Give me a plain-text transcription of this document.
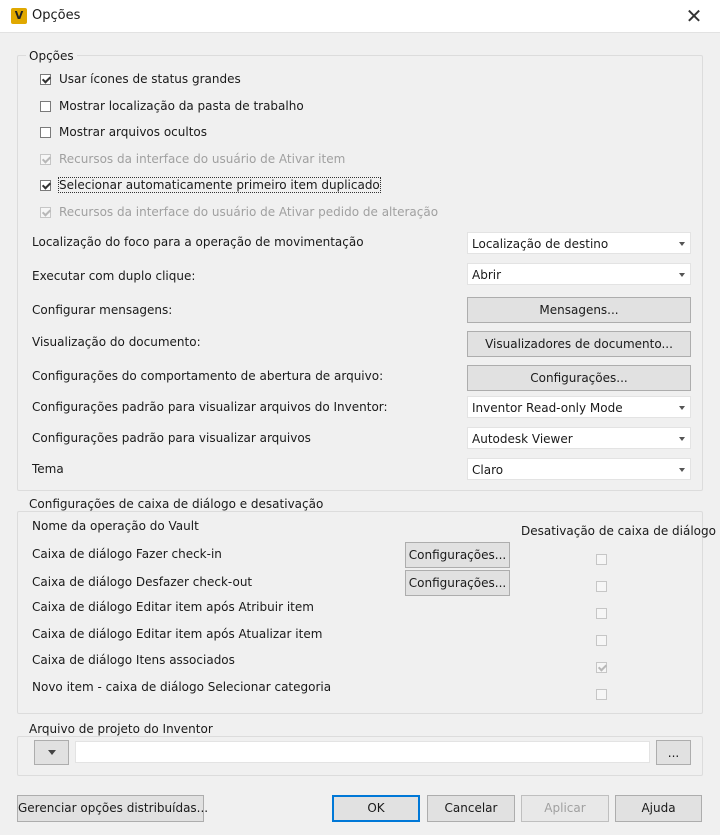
V Opções	✕
Opções
Usar ícones de status grandes
Mostrar localização da pasta de trabalho
Mostrar arquivos ocultos
Recursos da interface do usuário de Ativar item
Selecionar automaticamente primeiro item duplicado
Recursos da interface do usuário de Ativar pedido de alteração
Localização do foco para a operação de movimentação	Localização de destino
Executar com duplo clique:	Abrir
Configurar mensagens:	Mensagens...
Visualização do documento:	Visualizadores de documento...
Configurações do comportamento de abertura de arquivo:	Configurações...
Configurações padrão para visualizar arquivos do Inventor:	Inventor Read-only Mode
Configurações padrão para visualizar arquivos	Autodesk Viewer
Tema	Claro
Configurações de caixa de diálogo e desativação
Nome da operação do Vault	Desativação de caixa de diálogo
Caixa de diálogo Fazer check-in	Configurações...
Caixa de diálogo Desfazer check-out	Configurações...
Caixa de diálogo Editar item após Atribuir item
Caixa de diálogo Editar item após Atualizar item
Caixa de diálogo Itens associados
Novo item - caixa de diálogo Selecionar categoria
Arquivo de projeto do Inventor
...
Gerenciar opções distribuídas...	OK	Cancelar	Aplicar	Ajuda
